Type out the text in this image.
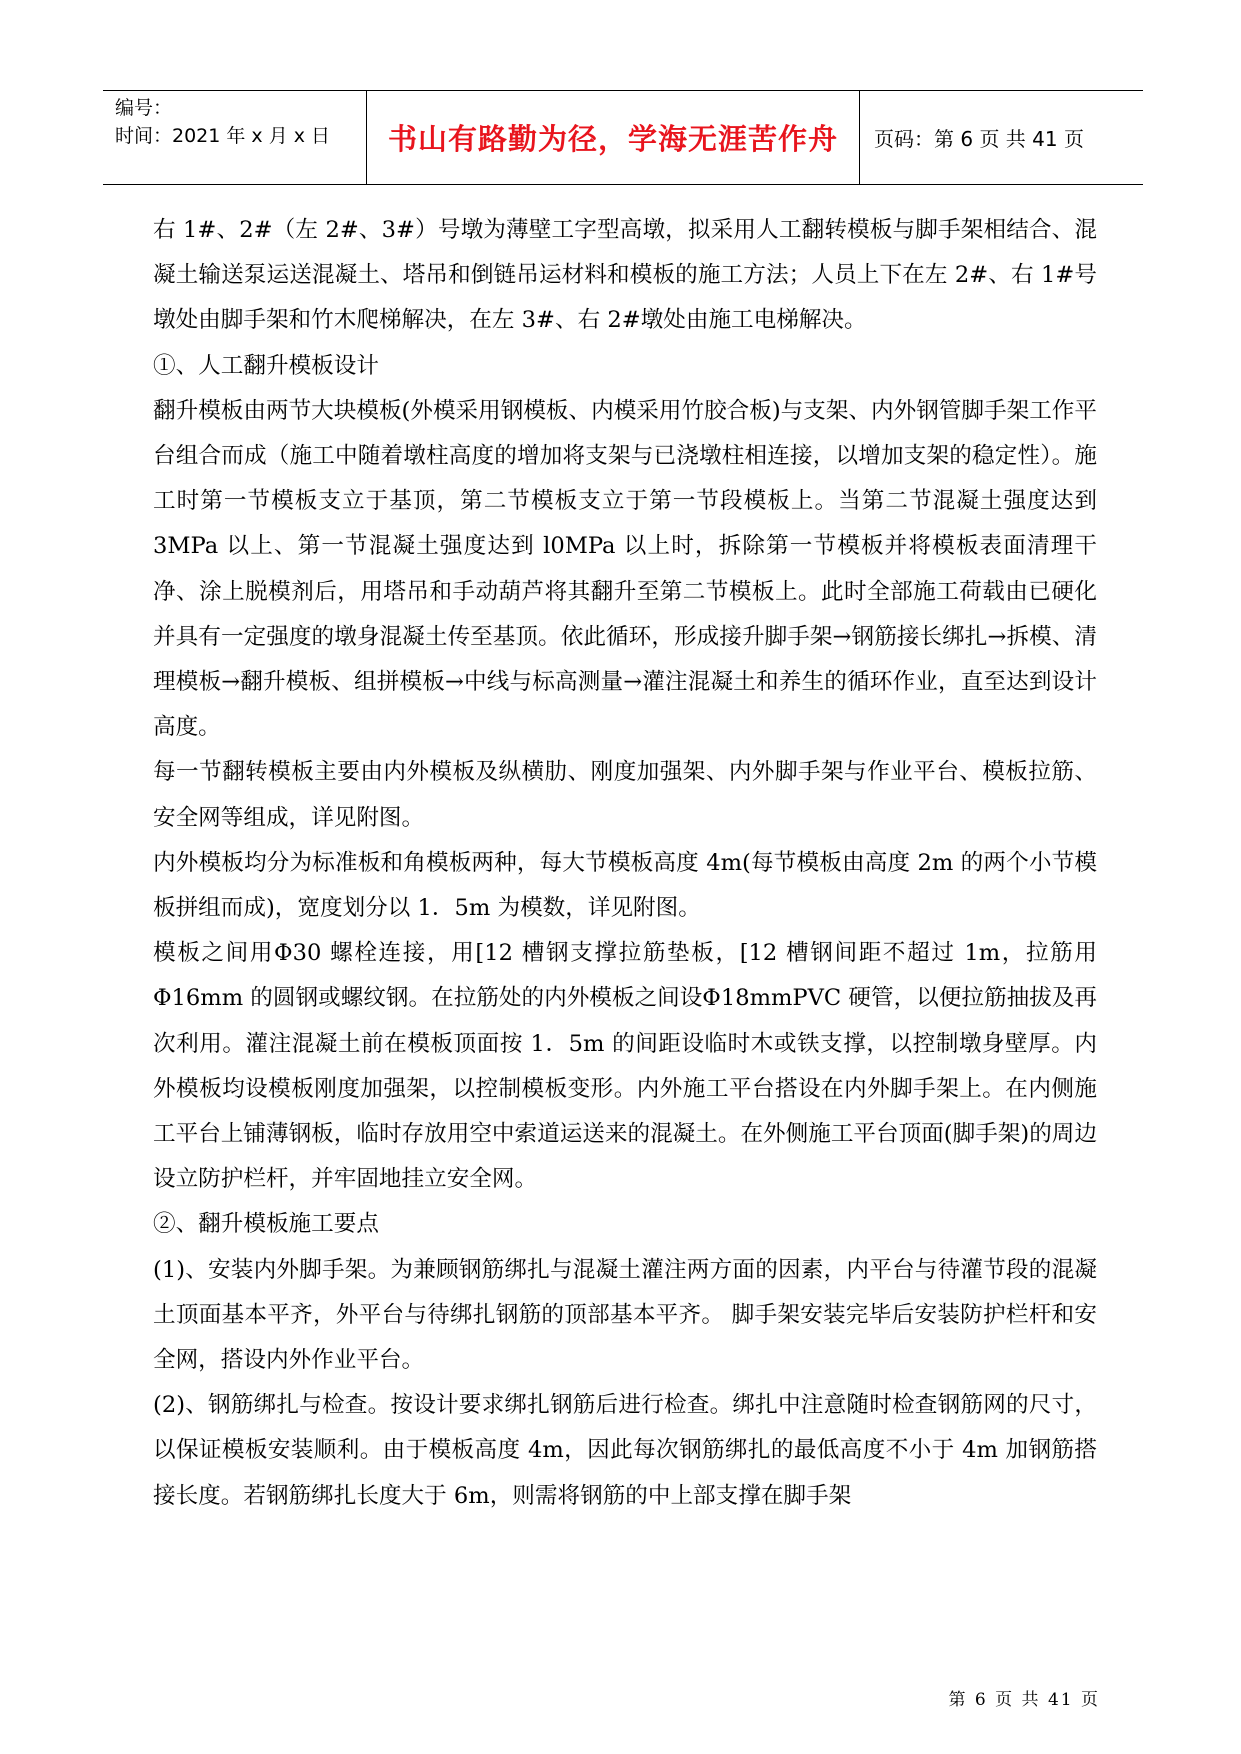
编号：
时间：2021 年 x 月 x 日	书山有路勤为径，学海无涯苦作舟	页码：第 6 页 共 41 页

右 1#、2#（左 2#、3#）号墩为薄壁工字型高墩，拟采用人工翻转模板与脚手架相结合、混凝土输送泵运送混凝土、塔吊和倒链吊运材料和模板的施工方法；人员上下在左 2#、右 1#号墩处由脚手架和竹木爬梯解决，在左 3#、右 2#墩处由施工电梯解决。

①、人工翻升模板设计

翻升模板由两节大块模板(外模采用钢模板、内模采用竹胶合板)与支架、内外钢管脚手架工作平台组合而成（施工中随着墩柱高度的增加将支架与已浇墩柱相连接，以增加支架的稳定性）。施工时第一节模板支立于基顶，第二节模板支立于第一节段模板上。当第二节混凝土强度达到 3MPa 以上、第一节混凝土强度达到 l0MPa 以上时，拆除第一节模板并将模板表面清理干净、涂上脱模剂后，用塔吊和手动葫芦将其翻升至第二节模板上。此时全部施工荷载由已硬化并具有一定强度的墩身混凝土传至基顶。依此循环，形成接升脚手架→钢筋接长绑扎→拆模、清理模板→翻升模板、组拼模板→中线与标高测量→灌注混凝土和养生的循环作业，直至达到设计高度。

每一节翻转模板主要由内外模板及纵横肋、刚度加强架、内外脚手架与作业平台、模板拉筋、安全网等组成，详见附图。

内外模板均分为标准板和角模板两种，每大节模板高度 4m(每节模板由高度 2m 的两个小节模板拼组而成)，宽度划分以 1．5m 为模数，详见附图。

模板之间用Φ30 螺栓连接，用[12 槽钢支撑拉筋垫板，[12 槽钢间距不超过 1m，拉筋用Φ16mm 的圆钢或螺纹钢。在拉筋处的内外模板之间设Φ18mmPVC 硬管，以便拉筋抽拔及再次利用。灌注混凝土前在模板顶面按 1．5m 的间距设临时木或铁支撑，以控制墩身壁厚。内外模板均设模板刚度加强架，以控制模板变形。内外施工平台搭设在内外脚手架上。在内侧施工平台上铺薄钢板，临时存放用空中索道运送来的混凝土。在外侧施工平台顶面(脚手架)的周边设立防护栏杆，并牢固地挂立安全网。

②、翻升模板施工要点

(1)、安装内外脚手架。为兼顾钢筋绑扎与混凝土灌注两方面的因素，内平台与待灌节段的混凝土顶面基本平齐，外平台与待绑扎钢筋的顶部基本平齐。 脚手架安装完毕后安装防护栏杆和安全网，搭设内外作业平台。

(2)、钢筋绑扎与检查。按设计要求绑扎钢筋后进行检查。绑扎中注意随时检查钢筋网的尺寸，以保证模板安装顺利。由于模板高度 4m，因此每次钢筋绑扎的最低高度不小于 4m 加钢筋搭接长度。若钢筋绑扎长度大于 6m，则需将钢筋的中上部支撑在脚手架

第 6 页 共 41 页
